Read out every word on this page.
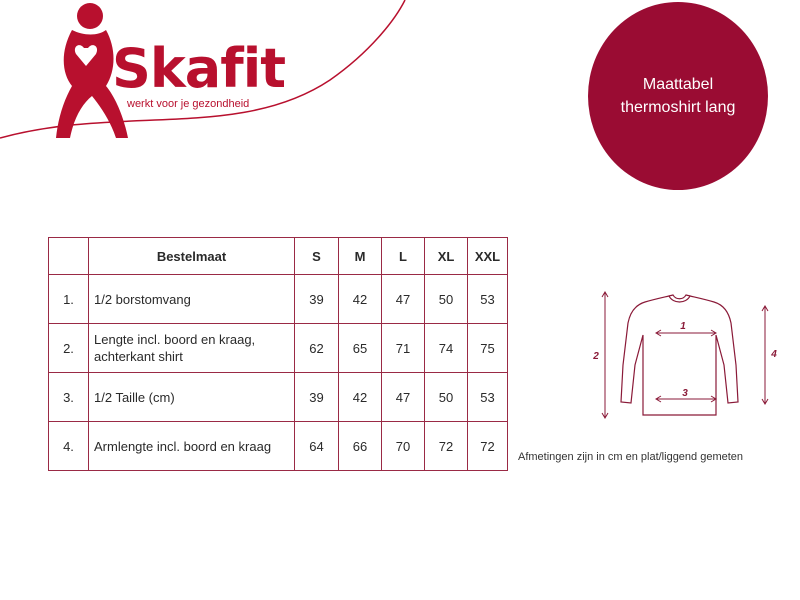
Skafit
werkt voor je gezondheid
Maattabel
thermoshirt lang
	Bestelmaat	S	M	L	XL	XXL
1.	1/2 borstomvang	39	42	47	50	53
2.	Lengte incl. boord en kraag, achterkant shirt	62	65	71	74	75
3.	1/2 Taille (cm)	39	42	47	50	53
4.	Armlengte incl. boord en kraag	64	66	70	72	72
1
2
3
4
Afmetingen zijn in cm en plat/liggend gemeten
